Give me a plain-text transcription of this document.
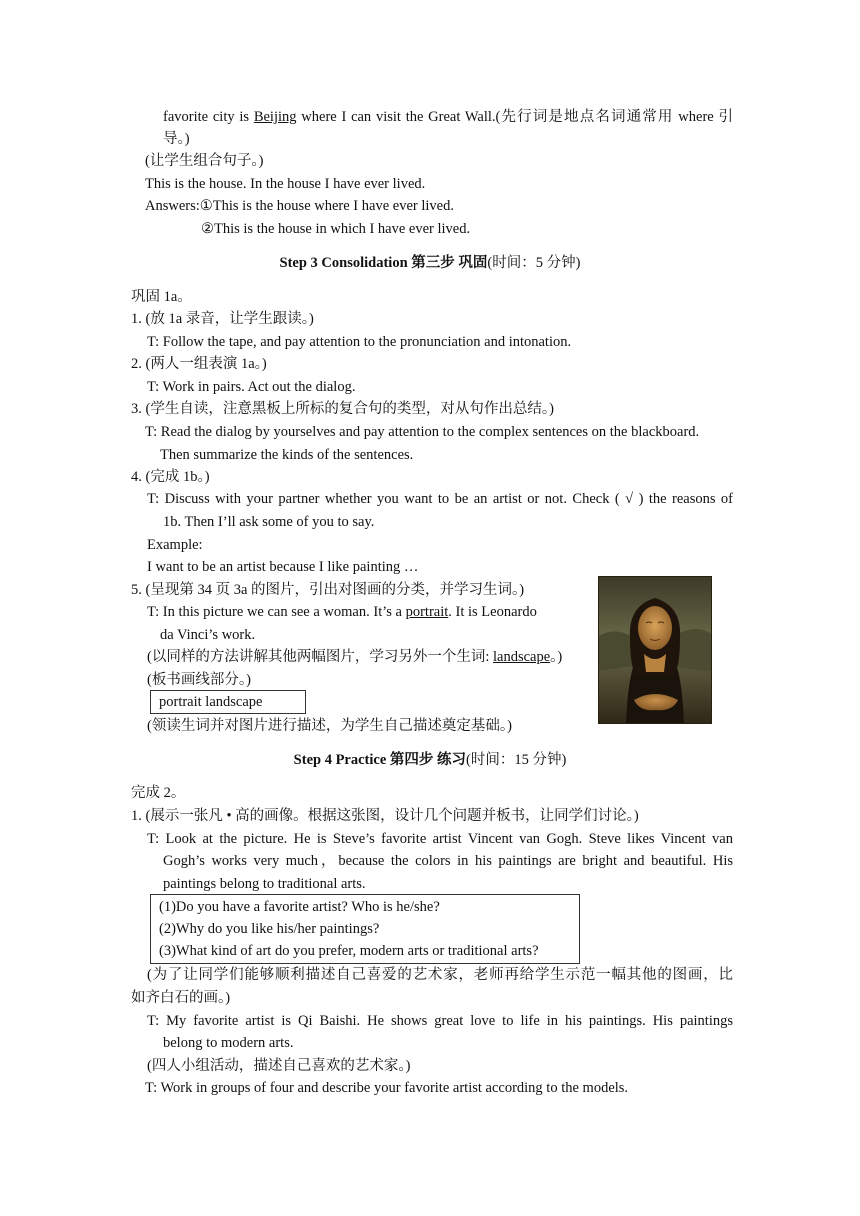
favorite city is Beijing where I can visit the Great Wall.(先行词是地点名词通常用 where 引
导。)
(让学生组合句子。)
This is the house. In the house I have ever lived.
Answers:①This is the house where I have ever lived.
②This is the house in which I have ever lived.
Step 3 Consolidation 第三步 巩固(时间：5 分钟)
巩固 1a。
1. (放 1a 录音，让学生跟读。)
T: Follow the tape, and pay attention to the pronunciation and intonation.
2. (两人一组表演 1a。)
T: Work in pairs. Act out the dialog.
3. (学生自读，注意黑板上所标的复合句的类型，对从句作出总结。)
T: Read the dialog by yourselves and pay attention to the complex sentences on the blackboard.
Then summarize the kinds of the sentences.
4. (完成 1b。)
T: Discuss with your partner whether you want to be an artist or not. Check ( √ ) the reasons of
1b. Then I’ll ask some of you to say.
Example:
I want to be an artist because I like painting …
5. (呈现第 34 页 3a 的图片，引出对图画的分类，并学习生词。)
T: In this picture we can see a woman. It’s a portrait. It is Leonardo
da Vinci’s work.
(以同样的方法讲解其他两幅图片，学习另外一个生词: landscape。)
(板书画线部分。)
portrait landscape
(领读生词并对图片进行描述，为学生自己描述奠定基础。)
Step 4 Practice 第四步 练习(时间：15 分钟)
完成 2。
1. (展示一张凡 • 高的画像。根据这张图，设计几个问题并板书，让同学们讨论。)
T: Look at the picture. He is Steve’s favorite artist Vincent van Gogh. Steve likes Vincent van
Gogh’s works very much，because the colors in his paintings are bright and beautiful. His
paintings belong to traditional arts.
(1)Do you have a favorite artist? Who is he/she?
(2)Why do you like his/her paintings?
(3)What kind of art do you prefer, modern arts or traditional arts?
(为了让同学们能够顺利描述自己喜爱的艺术家，老师再给学生示范一幅其他的图画，比
如齐白石的画。)
T: My favorite artist is Qi Baishi. He shows great love to life in his paintings. His paintings
belong to modern arts.
(四人小组活动，描述自己喜欢的艺术家。)
T: Work in groups of four and describe your favorite artist according to the models.
